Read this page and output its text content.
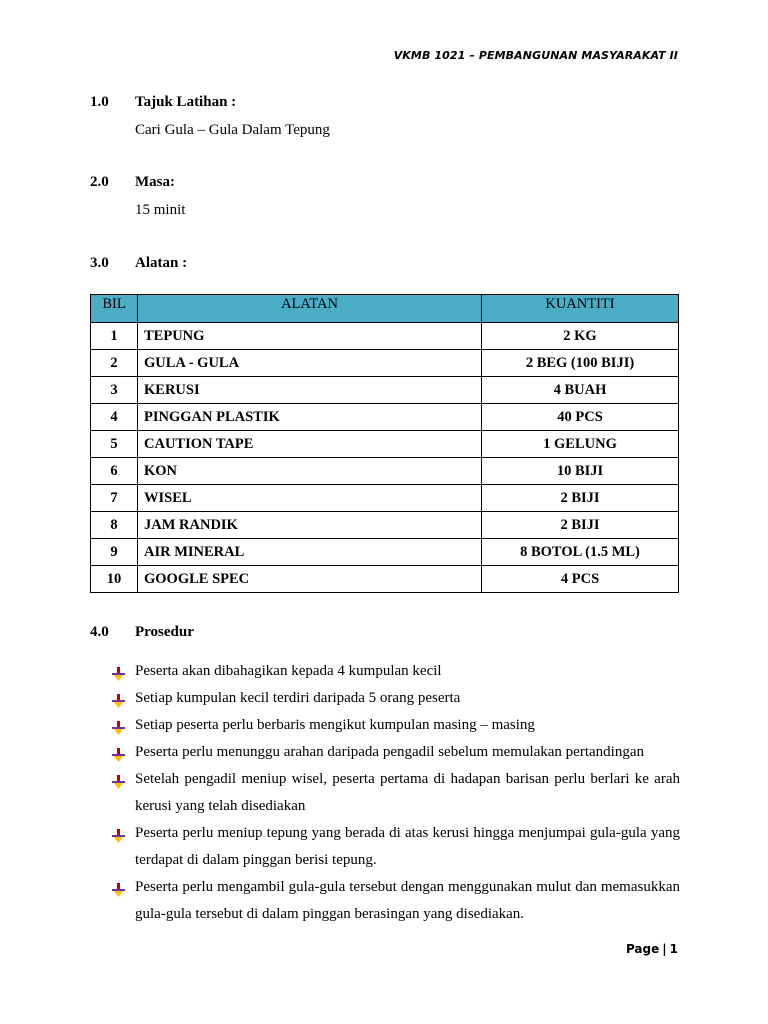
VKMB 1021 – PEMBANGUNAN MASYARAKAT II
1.0 Tajuk Latihan :
Cari Gula – Gula Dalam Tepung
2.0 Masa:
15 minit
3.0 Alatan :
BIL	ALATAN	KUANTITI
1	TEPUNG	2 KG
2	GULA - GULA	2 BEG (100 BIJI)
3	KERUSI	4 BUAH
4	PINGGAN PLASTIK	40 PCS
5	CAUTION TAPE	1 GELUNG
6	KON	10 BIJI
7	WISEL	2 BIJI
8	JAM RANDIK	2 BIJI
9	AIR MINERAL	8 BOTOL (1.5 ML)
10	GOOGLE SPEC	4 PCS
4.0 Prosedur
Peserta akan dibahagikan kepada 4 kumpulan kecil
Setiap kumpulan kecil terdiri daripada 5 orang peserta
Setiap peserta perlu berbaris mengikut kumpulan masing – masing
Peserta perlu menunggu arahan daripada pengadil sebelum memulakan pertandingan
Setelah pengadil meniup wisel, peserta pertama di hadapan barisan perlu berlari ke arah kerusi yang telah disediakan
Peserta perlu meniup tepung yang berada di atas kerusi hingga menjumpai gula-gula yang terdapat di dalam pinggan berisi tepung.
Peserta perlu mengambil gula-gula tersebut dengan menggunakan mulut dan memasukkan gula-gula tersebut di dalam pinggan berasingan yang disediakan.
Page | 1
